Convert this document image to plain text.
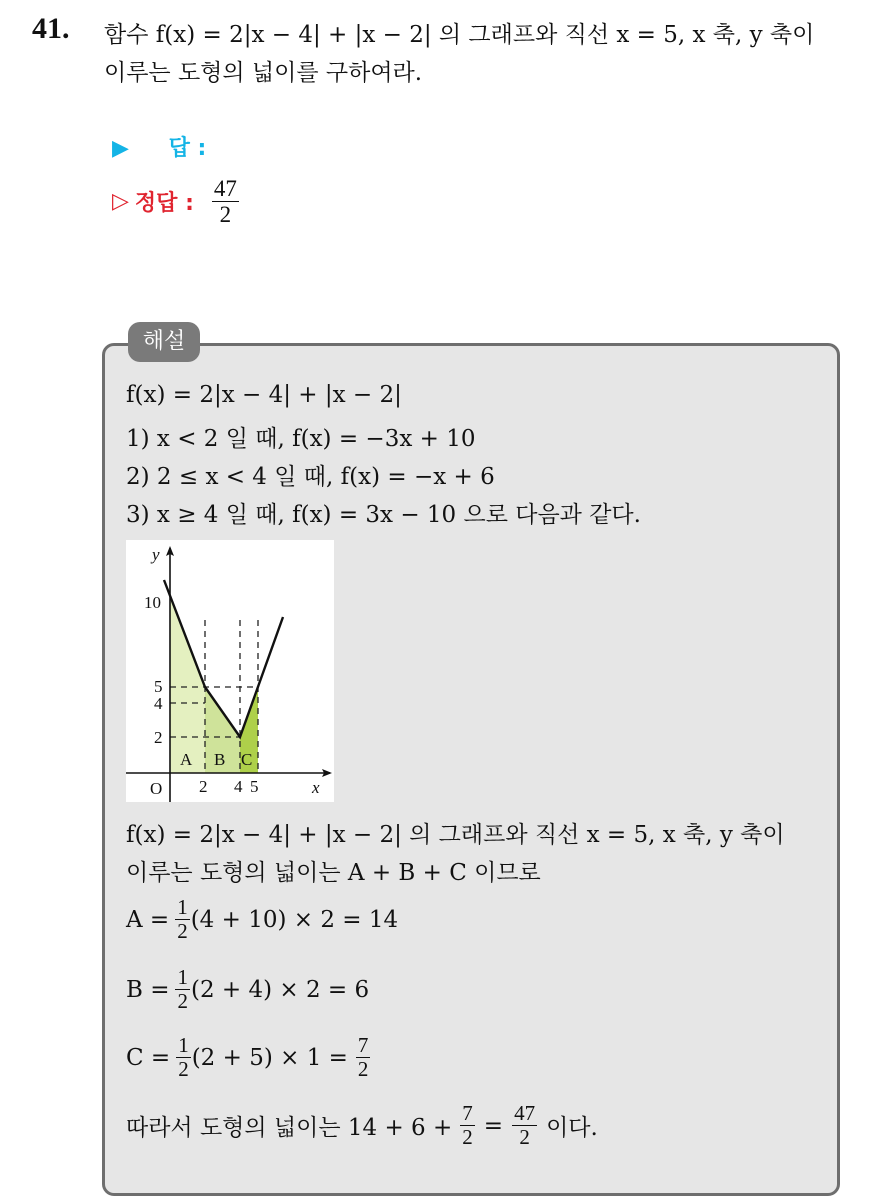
41. 함수 f(x) = 2|x − 4| + |x − 2| 의 그래프와 직선 x = 5, x 축, y 축이
이루는 도형의 넓이를 구하여라.
▶ 답 :
▷ 정답 : $\frac{47}{2}$
해설
f(x) = 2|x − 4| + |x − 2|
1) x < 2 일 때, f(x) = −3x + 10
2) 2 ≤ x < 4 일 때, f(x) = −x + 6
3) x ≥ 4 일 때, f(x) = 3x − 10 으로 다음과 같다.
y
x
O
10
5
4
2
2 4 5
A B C
f(x) = 2|x − 4| + |x − 2| 의 그래프와 직선 x = 5, x 축, y 축이
이루는 도형의 넓이는 A + B + C 이므로
$A = \frac{1}{2} (4 + 10) \times 2 = 14$
$B = \frac{1}{2} (2 + 4) \times 2 = 6$
$C = \frac{1}{2} (2 + 5) \times 1 = \frac{7}{2}$
따라서 도형의 넓이는 $14 + 6 + \frac{7}{2} = \frac{47}{2}$ 이다.
